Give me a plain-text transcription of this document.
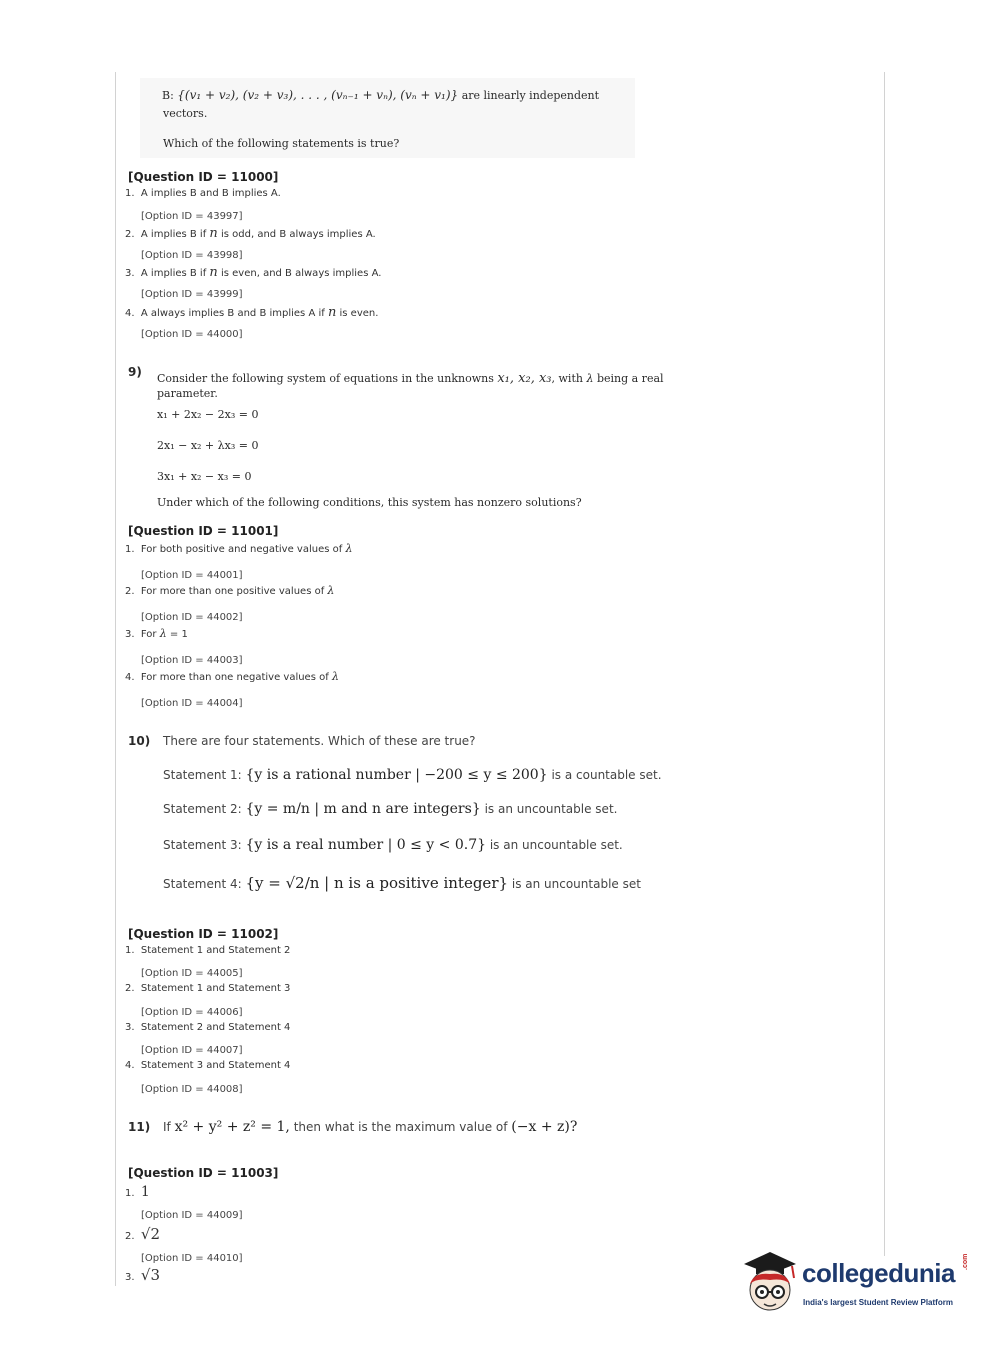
B: {(v₁ + v₂), (v₂ + v₃), . . . , (vₙ₋₁ + vₙ), (vₙ + v₁)} are linearly independent
vectors.
Which of the following statements is true?
[Question ID = 11000]
1. A implies B and B implies A.
[Option ID = 43997]
2. A implies B if n is odd, and B always implies A.
[Option ID = 43998]
3. A implies B if n is even, and B always implies A.
[Option ID = 43999]
4. A always implies B and B implies A if n is even.
[Option ID = 44000]
9) Consider the following system of equations in the unknowns x₁, x₂, x₃, with λ being a real
parameter.
x₁ + 2x₂ − 2x₃ = 0
2x₁ − x₂ + λx₃ = 0
3x₁ + x₂ − x₃ = 0
Under which of the following conditions, this system has nonzero solutions?
[Question ID = 11001]
1. For both positive and negative values of λ
[Option ID = 44001]
2. For more than one positive values of λ
[Option ID = 44002]
3. For λ = 1
[Option ID = 44003]
4. For more than one negative values of λ
[Option ID = 44004]
10) There are four statements. Which of these are true?
Statement 1: {y is a rational number | −200 ≤ y ≤ 200} is a countable set.
Statement 2: {y = m/n | m and n are integers} is an uncountable set.
Statement 3: {y is a real number | 0 ≤ y < 0.7} is an uncountable set.
Statement 4: {y = √2/n | n is a positive integer} is an uncountable set
[Question ID = 11002]
1. Statement 1 and Statement 2
[Option ID = 44005]
2. Statement 1 and Statement 3
[Option ID = 44006]
3. Statement 2 and Statement 4
[Option ID = 44007]
4. Statement 3 and Statement 4
[Option ID = 44008]
11) If x² + y² + z² = 1, then what is the maximum value of (−x + z)?
[Question ID = 11003]
1. 1
[Option ID = 44009]
2. √2
[Option ID = 44010]
3. √3	collegedunia .com
India's largest Student Review Platform
